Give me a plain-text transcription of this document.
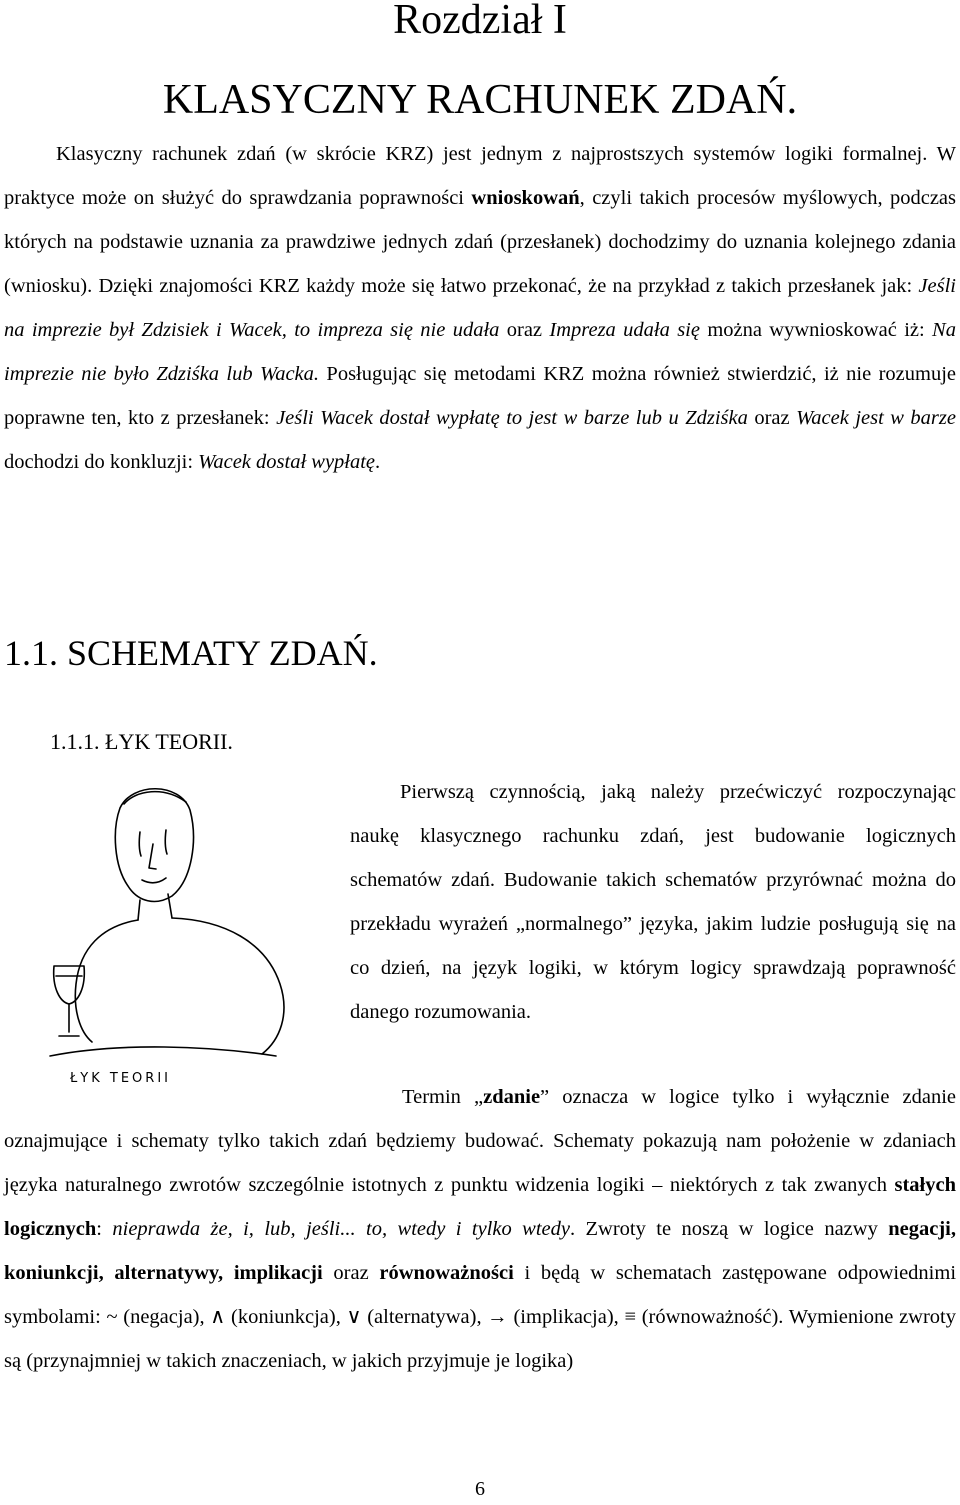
Rozdział I
KLASYCZNY RACHUNEK ZDAŃ.

Klasyczny rachunek zdań (w skrócie KRZ) jest jednym z najprostszych systemów logiki formalnej. W praktyce może on służyć do sprawdzania poprawności wnioskowań, czyli takich procesów myślowych, podczas których na podstawie uznania za prawdziwe jednych zdań (przesłanek) dochodzimy do uznania kolejnego zdania (wniosku). Dzięki znajomości KRZ każdy może się łatwo przekonać, że na przykład z takich przesłanek jak: Jeśli na imprezie był Zdzisiek i Wacek, to impreza się nie udała oraz Impreza udała się można wywnioskować iż: Na imprezie nie było Zdziśka lub Wacka. Posługując się metodami KRZ można również stwierdzić, iż nie rozumuje poprawne ten, kto z przesłanek: Jeśli Wacek dostał wypłatę to jest w barze lub u Zdziśka oraz Wacek jest w barze dochodzi do konkluzji: Wacek dostał wypłatę.

1.1. SCHEMATY ZDAŃ.
1.1.1. ŁYK TEORII.
ŁYK TEORII

Pierwszą czynnością, jaką należy przećwiczyć rozpoczynając naukę klasycznego rachunku zdań, jest budowanie logicznych schematów zdań. Budowanie takich schematów przyrównać można do przekładu wyrażeń „normalnego” języka, jakim ludzie posługują się na co dzień, na język logiki, w którym logicy sprawdzają poprawność danego rozumowania.

Termin „zdanie” oznacza w logice tylko i wyłącznie zdanie oznajmujące i schematy tylko takich zdań będziemy budować. Schematy pokazują nam położenie w zdaniach języka naturalnego zwrotów szczególnie istotnych z punktu widzenia logiki – niektórych z tak zwanych stałych logicznych: nieprawda że, i, lub, jeśli... to, wtedy i tylko wtedy. Zwroty te noszą w logice nazwy negacji, koniunkcji, alternatywy, implikacji oraz równoważności i będą w schematach zastępowane odpowiednimi symbolami: ~ (negacja), ∧ (koniunkcja), ∨ (alternatywa), → (implikacja), ≡ (równoważność). Wymienione zwroty są (przynajmniej w takich znaczeniach, w jakich przyjmuje je logika)

6
